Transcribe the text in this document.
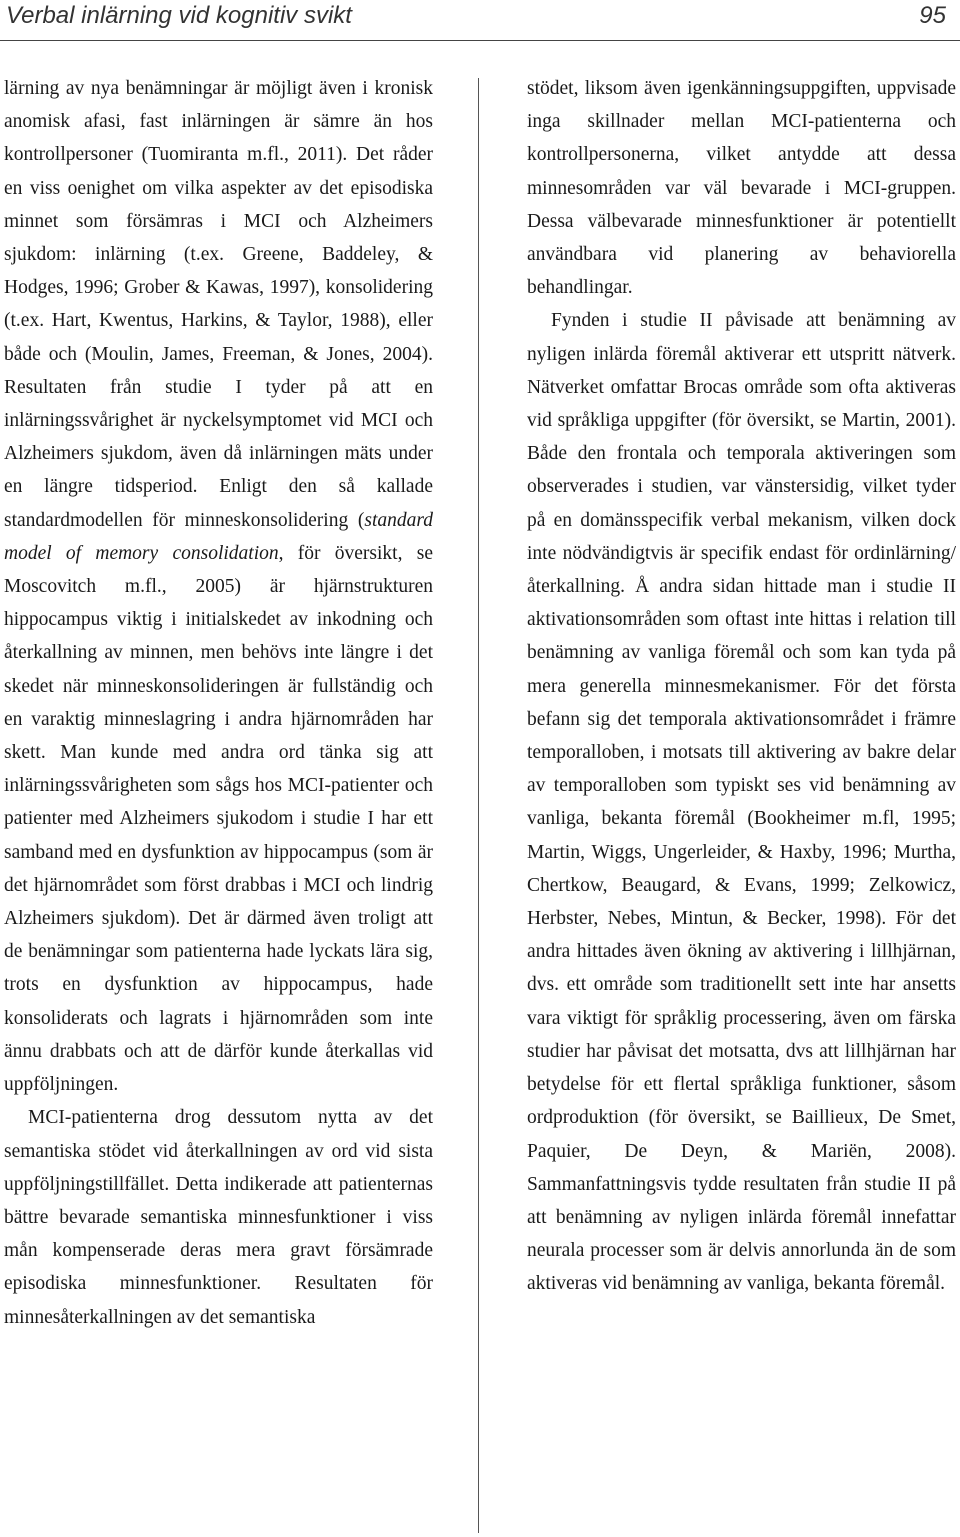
Verbal inlärning vid kognitiv svikt	95

lärning av nya benämningar är möjligt även i kronisk anomisk afasi, fast inlärningen är sämre än hos kontrollpersoner (Tuomiranta m.fl., 2011). Det råder en viss oenighet om vilka aspekter av det episodiska minnet som försämras i MCI och Alzheimers sjukdom: inlärning (t.ex. Greene, Baddeley, & Hodges, 1996; Grober & Kawas, 1997), konsolidering (t.ex. Hart, Kwentus, Harkins, & Taylor, 1988), eller både och (Moulin, James, Freeman, & Jones, 2004). Resultaten från studie I tyder på att en inlärningssvårighet är nyckelsymptomet vid MCI och Alzheimers sjukdom, även då inlärningen mäts under en längre tidsperiod. Enligt den så kallade standardmodellen för minneskonsolidering (standard model of memory consolidation, för översikt, se Moscovitch m.fl., 2005) är hjärnstrukturen hippocampus viktig i initialskedet av inkodning och återkallning av minnen, men behövs inte längre i det skedet när minneskonsolideringen är fullständig och en varaktig minneslagring i andra hjärnområden har skett. Man kunde med andra ord tänka sig att inlärningssvårigheten som sågs hos MCI-patienter och patienter med Alzheimers sjukodom i studie I har ett samband med en dysfunktion av hippocampus (som är det hjärnområdet som först drabbas i MCI och lindrig Alzheimers sjukdom). Det är därmed även troligt att de benämningar som patienterna hade lyckats lära sig, trots en dysfunktion av hippocampus, hade konsoliderats och lagrats i hjärnområden som inte ännu drabbats och att de därför kunde återkallas vid uppföljningen.

MCI-patienterna drog dessutom nytta av det semantiska stödet vid återkallningen av ord vid sista uppföljningstillfället. Detta indikerade att patienternas bättre bevarade semantiska minnesfunktioner i viss mån kompenserade deras mera gravt försämrade episodiska minnesfunktioner. Resultaten för minnesåterkallningen av det semantiska

stödet, liksom även igenkänningsuppgiften, uppvisade inga skillnader mellan MCI-patienterna och kontrollpersonerna, vilket antydde att dessa minnesområden var väl bevarade i MCI-gruppen. Dessa välbevarade minnesfunktioner är potentiellt användbara vid planering av behaviorella behandlingar.

Fynden i studie II påvisade att benämning av nyligen inlärda föremål aktiverar ett utspritt nätverk. Nätverket omfattar Brocas område som ofta aktiveras vid språkliga uppgifter (för översikt, se Martin, 2001). Både den frontala och temporala aktiveringen som observerades i studien, var vänstersidig, vilket tyder på en domänsspecifik verbal mekanism, vilken dock inte nödvändigtvis är specifik endast för ordinlärning/återkallning. Å andra sidan hittade man i studie II aktivationsområden som oftast inte hittas i relation till benämning av vanliga föremål och som kan tyda på mera generella minnesmekanismer. För det första befann sig det temporala aktivationsområdet i främre temporalloben, i motsats till aktivering av bakre delar av temporalloben som typiskt ses vid benämning av vanliga, bekanta föremål (Bookheimer m.fl, 1995; Martin, Wiggs, Ungerleider, & Haxby, 1996; Murtha, Chertkow, Beaugard, & Evans, 1999; Zelkowicz, Herbster, Nebes, Mintun, & Becker, 1998). För det andra hittades även ökning av aktivering i lillhjärnan, dvs. ett område som traditionellt sett inte har ansetts vara viktigt för språklig processering, även om färska studier har påvisat det motsatta, dvs att lillhjärnan har betydelse för ett flertal språkliga funktioner, såsom ordproduktion (för översikt, se Baillieux, De Smet, Paquier, De Deyn, & Mariën, 2008). Sammanfattningsvis tydde resultaten från studie II på att benämning av nyligen inlärda föremål innefattar neurala processer som är delvis annorlunda än de som aktiveras vid benämning av vanliga, bekanta föremål.
